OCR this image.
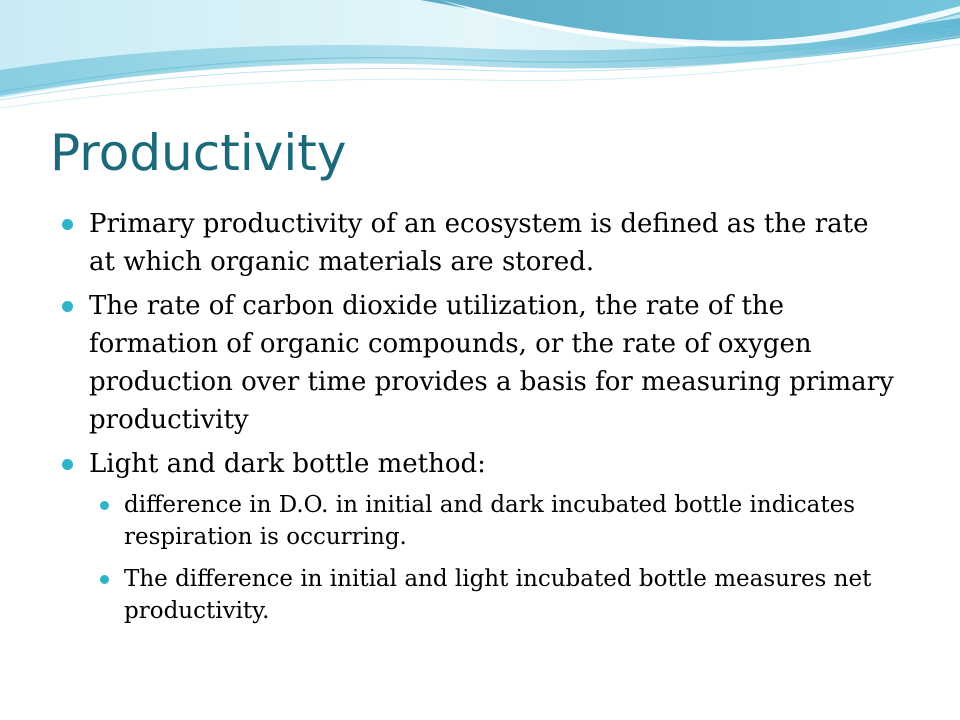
Productivity
Primary productivity of an ecosystem is defined as the rate at which organic materials are stored.
The rate of carbon dioxide utilization, the rate of the formation of organic compounds, or the rate of oxygen production over time provides a basis for measuring primary productivity
Light and dark bottle method:
difference in D.O. in initial and dark incubated bottle indicates respiration is occurring.
The difference in initial and light incubated bottle measures net productivity.
